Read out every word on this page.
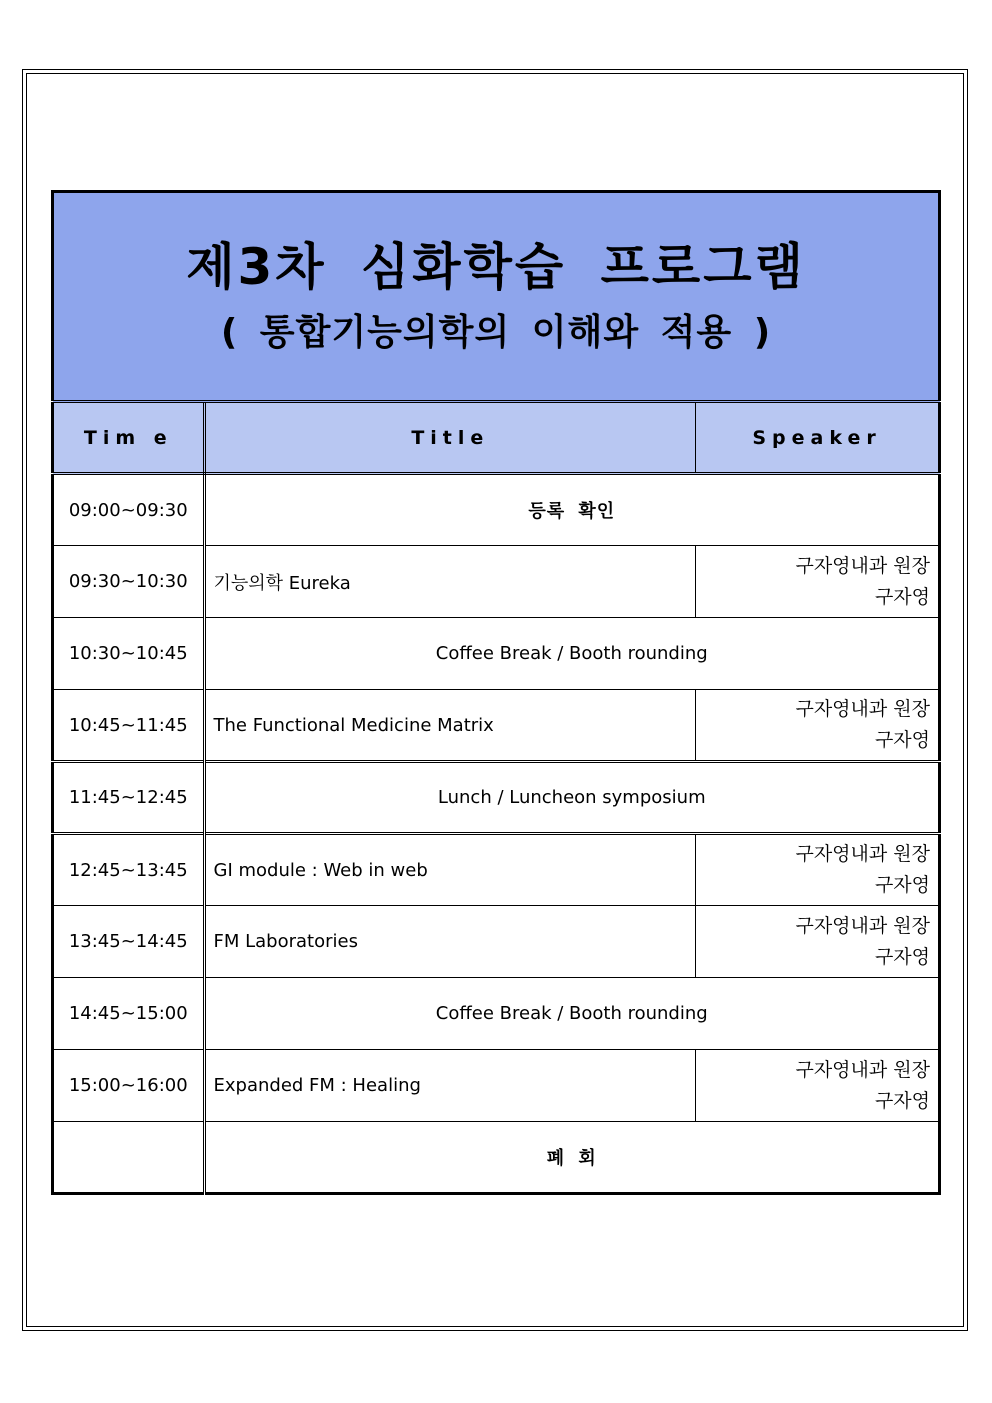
제3차 심화학습 프로그램
( 통합기능의학의 이해와 적용 )		

Tim e	Title	Speaker
09:00~09:30	등록 확인	
09:30~10:30	기능의학 Eureka	구자영내과 원장
구자영

10:30~10:45	Coffee Break / Booth rounding	
10:45~11:45	The Functional Medicine Matrix	구자영내과 원장
구자영

11:45~12:45	Lunch / Luncheon symposium	
12:45~13:45	GI module : Web in web	구자영내과 원장
구자영

13:45~14:45	FM Laboratories	구자영내과 원장
구자영

14:45~15:00	Coffee Break / Booth rounding	
15:00~16:00	Expanded FM : Healing	구자영내과 원장
구자영

	폐 회	
